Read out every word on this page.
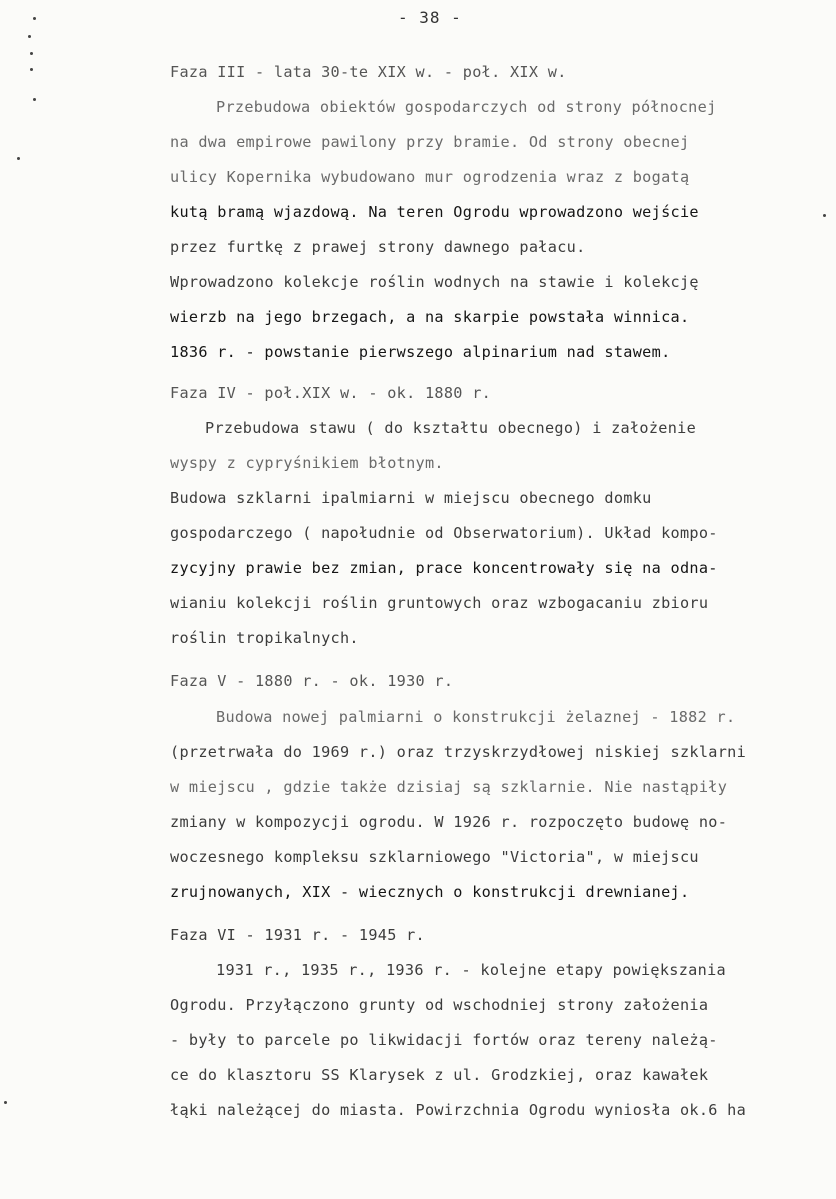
- 38 -
Faza III - lata 30-te XIX w. - poł. XIX w.
Przebudowa obiektów gospodarczych od strony północnej
na dwa empirowe pawilony przy bramie. Od strony obecnej
ulicy Kopernika wybudowano mur ogrodzenia wraz z bogatą
kutą bramą wjazdową. Na teren Ogrodu wprowadzono wejście
przez furtkę z prawej strony dawnego pałacu.
Wprowadzono kolekcje roślin wodnych na stawie i kolekcję
wierzb na jego brzegach, a na skarpie powstała winnica.
1836 r. - powstanie pierwszego alpinarium nad stawem.
Faza IV - poł.XIX w. - ok. 1880 r.
Przebudowa stawu ( do kształtu obecnego) i założenie
wyspy z cypryśnikiem błotnym.
Budowa szklarni ipalmiarni w miejscu obecnego domku
gospodarczego ( napołudnie od Obserwatorium). Układ kompo-
zycyjny prawie bez zmian, prace koncentrowały się na odna-
wianiu kolekcji roślin gruntowych oraz wzbogacaniu zbioru
roślin tropikalnych.
Faza V - 1880 r. - ok. 1930 r.
Budowa nowej palmiarni o konstrukcji żelaznej - 1882 r.
(przetrwała do 1969 r.) oraz trzyskrzydłowej niskiej szklarni
w miejscu , gdzie także dzisiaj są szklarnie. Nie nastąpiły
zmiany w kompozycji ogrodu. W 1926 r. rozpoczęto budowę no-
woczesnego kompleksu szklarniowego "Victoria", w miejscu
zrujnowanych, XIX - wiecznych o konstrukcji drewnianej.
Faza VI - 1931 r. - 1945 r.
1931 r., 1935 r., 1936 r. - kolejne etapy powiększania
Ogrodu. Przyłączono grunty od wschodniej strony założenia
- były to parcele po likwidacji fortów oraz tereny należą-
ce do klasztoru SS Klarysek z ul. Grodzkiej, oraz kawałek
łąki należącej do miasta. Powirzchnia Ogrodu wyniosła ok.6 ha
